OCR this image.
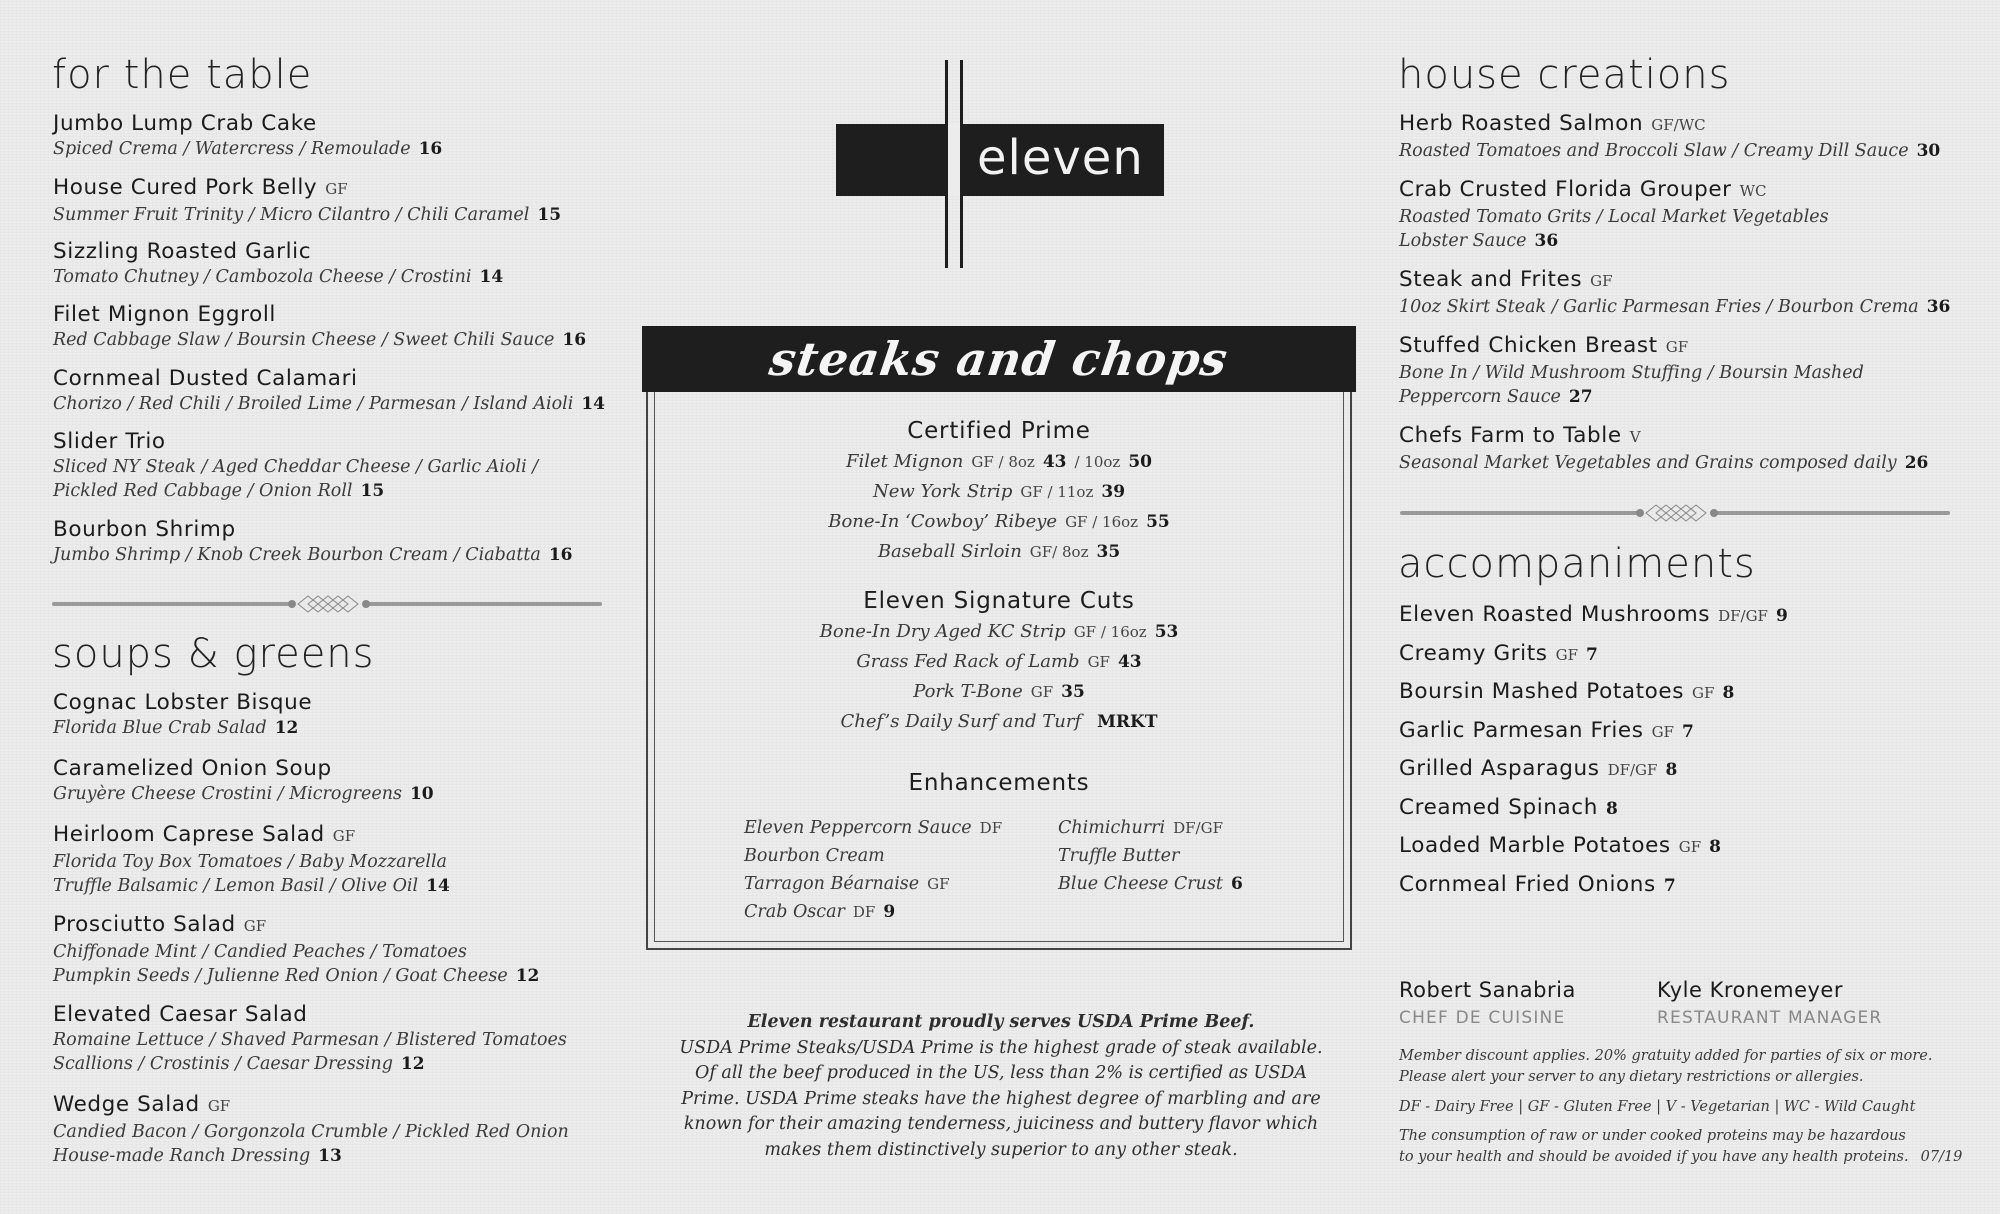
for the table
Jumbo Lump Crab Cake
Spiced Crema / Watercress / Remoulade 16
House Cured Pork Belly GF
Summer Fruit Trinity / Micro Cilantro / Chili Caramel 15
Sizzling Roasted Garlic
Tomato Chutney / Cambozola Cheese / Crostini 14
Filet Mignon Eggroll
Red Cabbage Slaw / Boursin Cheese / Sweet Chili Sauce 16
Cornmeal Dusted Calamari
Chorizo / Red Chili / Broiled Lime / Parmesan / Island Aioli 14
Slider Trio
Sliced NY Steak / Aged Cheddar Cheese / Garlic Aioli /
Pickled Red Cabbage / Onion Roll 15
Bourbon Shrimp
Jumbo Shrimp / Knob Creek Bourbon Cream / Ciabatta 16
soups & greens
Cognac Lobster Bisque
Florida Blue Crab Salad 12
Caramelized Onion Soup
Gruyère Cheese Crostini / Microgreens 10
Heirloom Caprese Salad GF
Florida Toy Box Tomatoes / Baby Mozzarella
Truffle Balsamic / Lemon Basil / Olive Oil 14
Prosciutto Salad GF
Chiffonade Mint / Candied Peaches / Tomatoes
Pumpkin Seeds / Julienne Red Onion / Goat Cheese 12
Elevated Caesar Salad
Romaine Lettuce / Shaved Parmesan / Blistered Tomatoes
Scallions / Crostinis / Caesar Dressing 12
Wedge Salad GF
Candied Bacon / Gorgonzola Crumble / Pickled Red Onion
House-made Ranch Dressing 13
eleven
steaks and chops
Certified Prime
Filet Mignon GF / 8oz 43 / 10oz 50
New York Strip GF / 11oz 39
Bone-In ‘Cowboy’ Ribeye GF / 16oz 55
Baseball Sirloin GF/ 8oz 35
Eleven Signature Cuts
Bone-In Dry Aged KC Strip GF / 16oz 53
Grass Fed Rack of Lamb GF 43
Pork T-Bone GF 35
Chef’s Daily Surf and Turf MRKT
Enhancements
Eleven Peppercorn Sauce DF
Bourbon Cream
Tarragon Béarnaise GF
Crab Oscar DF 9
Chimichurri DF/GF
Truffle Butter
Blue Cheese Crust 6
Eleven restaurant proudly serves USDA Prime Beef.
USDA Prime Steaks/USDA Prime is the highest grade of steak available.
Of all the beef produced in the US, less than 2% is certified as USDA
Prime. USDA Prime steaks have the highest degree of marbling and are
known for their amazing tenderness, juiciness and buttery flavor which
makes them distinctively superior to any other steak.
house creations
Herb Roasted Salmon GF/WC
Roasted Tomatoes and Broccoli Slaw / Creamy Dill Sauce 30
Crab Crusted Florida Grouper WC
Roasted Tomato Grits / Local Market Vegetables
Lobster Sauce 36
Steak and Frites GF
10oz Skirt Steak / Garlic Parmesan Fries / Bourbon Crema 36
Stuffed Chicken Breast GF
Bone In / Wild Mushroom Stuffing / Boursin Mashed
Peppercorn Sauce 27
Chefs Farm to Table V
Seasonal Market Vegetables and Grains composed daily 26
accompaniments
Eleven Roasted Mushrooms DF/GF 9
Creamy Grits GF 7
Boursin Mashed Potatoes GF 8
Garlic Parmesan Fries GF 7
Grilled Asparagus DF/GF 8
Creamed Spinach 8
Loaded Marble Potatoes GF 8
Cornmeal Fried Onions 7
Robert Sanabria
CHEF DE CUISINE
Kyle Kronemeyer
RESTAURANT MANAGER
Member discount applies. 20% gratuity added for parties of six or more.
Please alert your server to any dietary restrictions or allergies.
DF - Dairy Free | GF - Gluten Free | V - Vegetarian | WC - Wild Caught
The consumption of raw or under cooked proteins may be hazardous
to your health and should be avoided if you have any health proteins. 07/19
